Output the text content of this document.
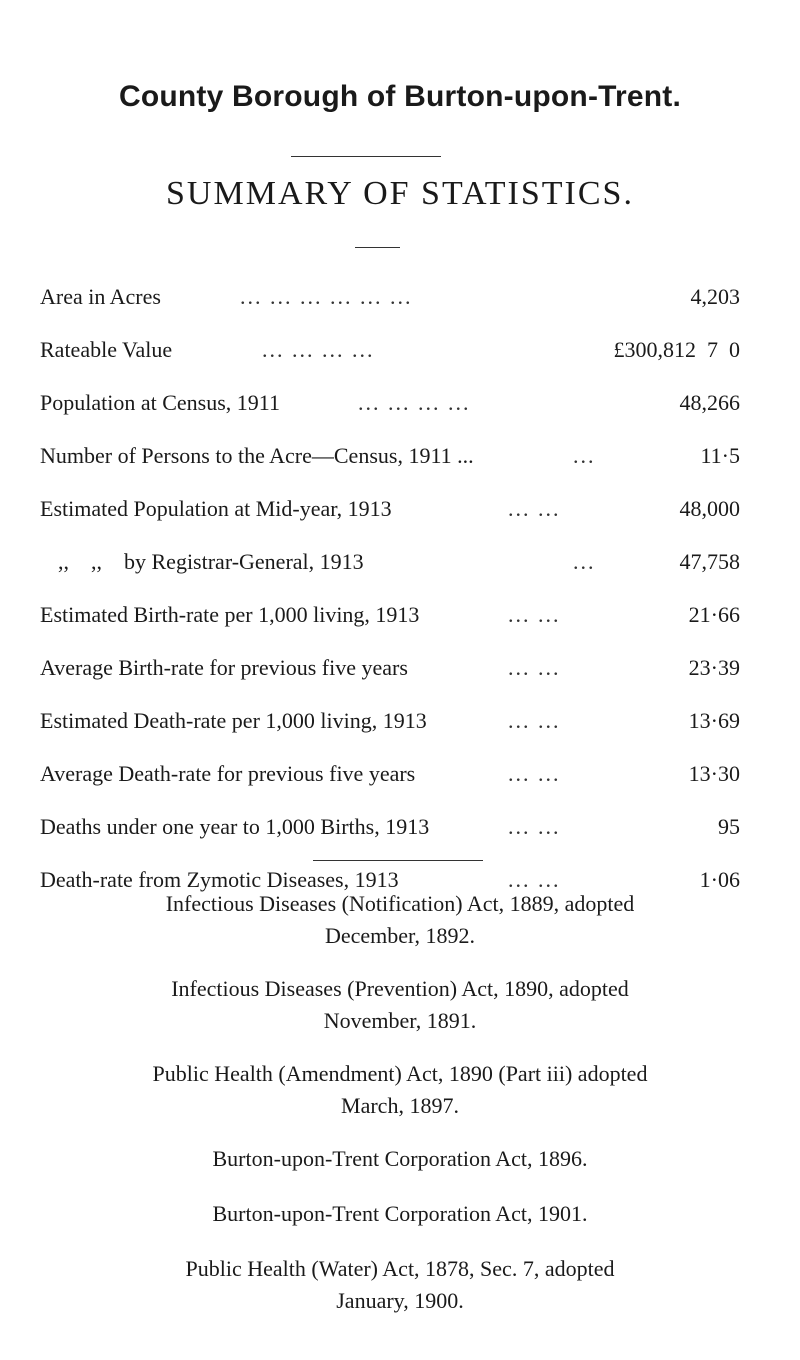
County Borough of Burton-upon-Trent.
SUMMARY OF STATISTICS.
Area in Acres	... ... ... ... ... ...	4,203
Rateable Value	... ... ... ...	£300,812  7  0
Population at Census, 1911	... ... ... ...	48,266
Number of Persons to the Acre—Census, 1911 ...	...	11·5
Estimated Population at Mid-year, 1913	... ...	48,000
,,    ,,    by Registrar-General, 1913	...	47,758
Estimated Birth-rate per 1,000 living, 1913	... ...	21·66
Average Birth-rate for previous five years	... ...	23·39
Estimated Death-rate per 1,000 living, 1913	... ...	13·69
Average Death-rate for previous five years	... ...	13·30
Deaths under one year to 1,000 Births, 1913	... ...	95
Death-rate from Zymotic Diseases, 1913	... ...	1·06
Infectious Diseases (Notification) Act, 1889, adopted
December, 1892.
Infectious Diseases (Prevention) Act, 1890, adopted
November, 1891.
Public Health (Amendment) Act, 1890 (Part iii) adopted
March, 1897.
Burton-upon-Trent Corporation Act, 1896.
Burton-upon-Trent Corporation Act, 1901.
Public Health (Water) Act, 1878, Sec. 7, adopted
January, 1900.
